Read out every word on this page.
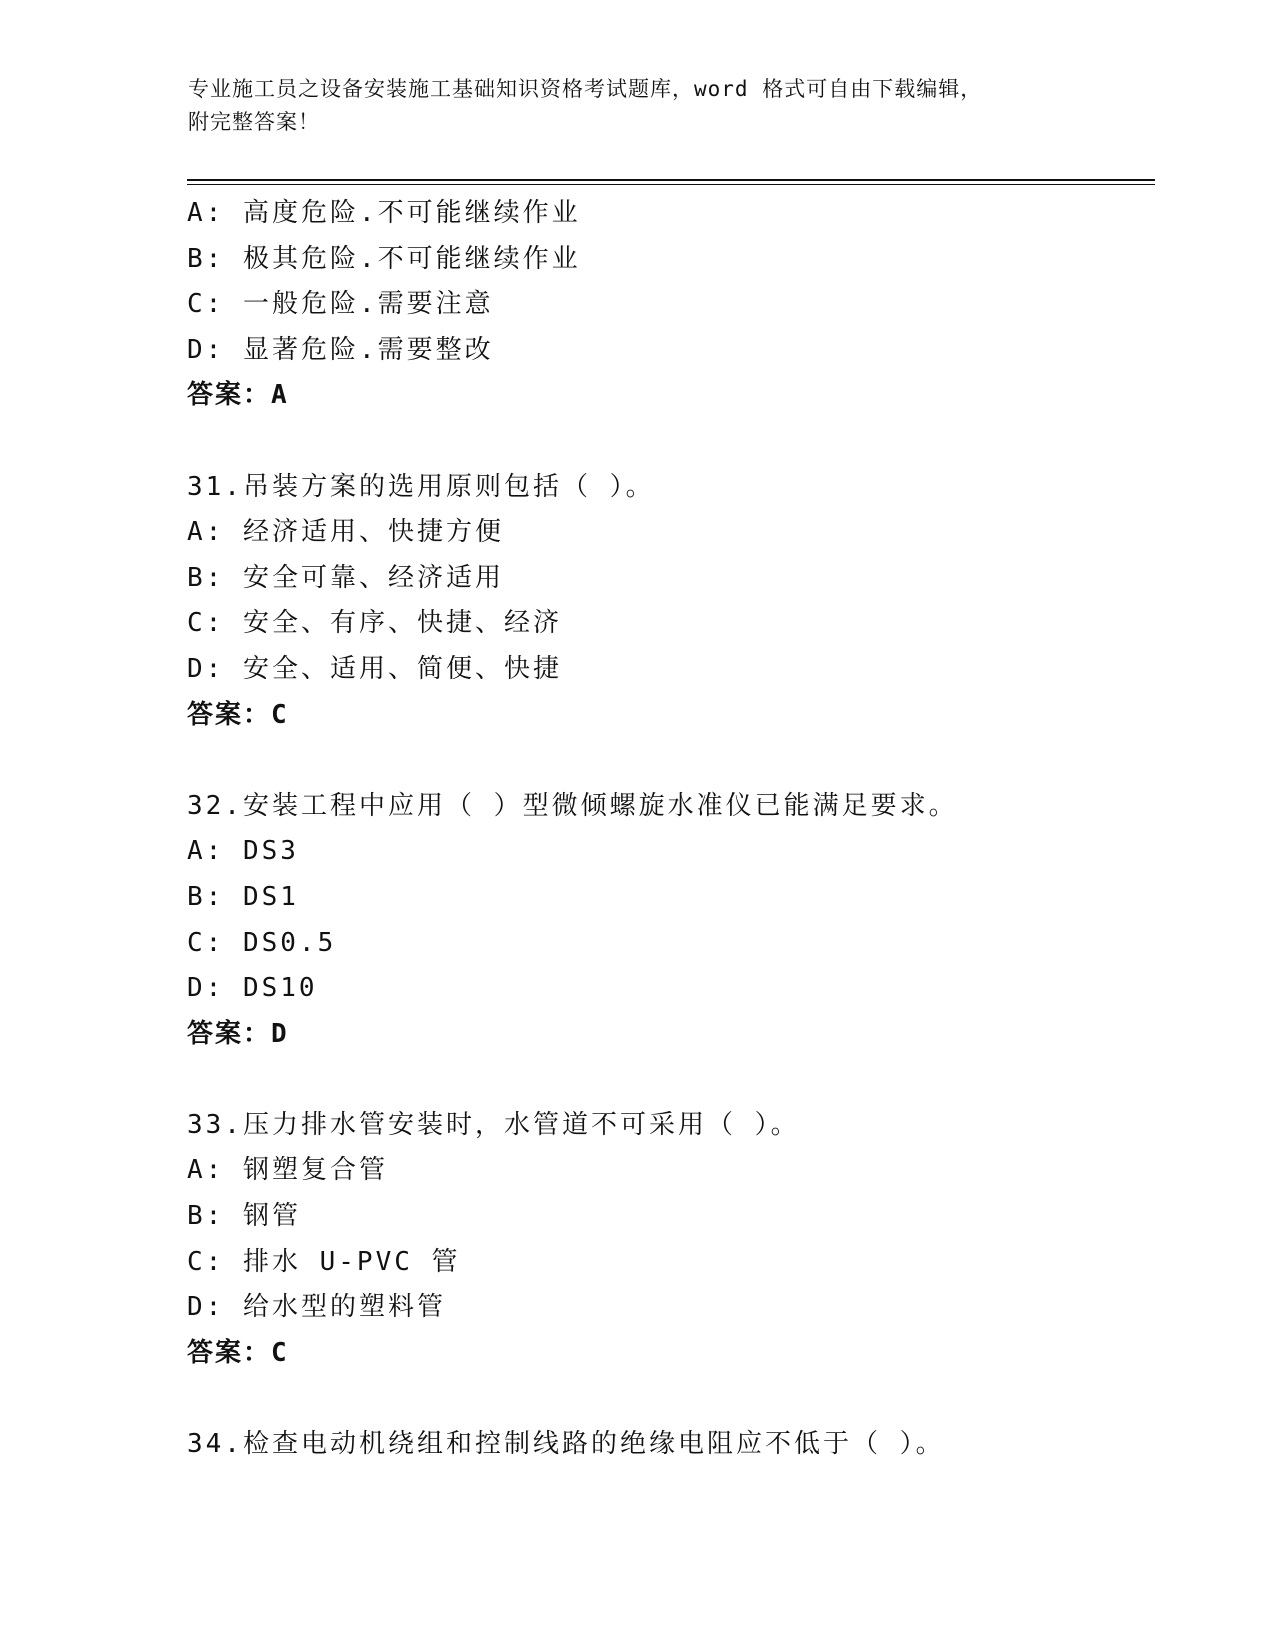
专业施工员之设备安装施工基础知识资格考试题库，word 格式可自由下载编辑，
附完整答案！
A: 高度危险.不可能继续作业
B: 极其危险.不可能继续作业
C: 一般危险.需要注意
D: 显著危险.需要整改
答案：A
31.吊装方案的选用原则包括（ ）。
A: 经济适用、快捷方便
B: 安全可靠、经济适用
C: 安全、有序、快捷、经济
D: 安全、适用、简便、快捷
答案：C
32.安装工程中应用（ ）型微倾螺旋水准仪已能满足要求。
A: DS3
B: DS1
C: DS0.5
D: DS10
答案：D
33.压力排水管安装时，水管道不可采用（ ）。
A: 钢塑复合管
B: 钢管
C: 排水 U-PVC 管
D: 给水型的塑料管
答案：C
34.检查电动机绕组和控制线路的绝缘电阻应不低于（ ）。
